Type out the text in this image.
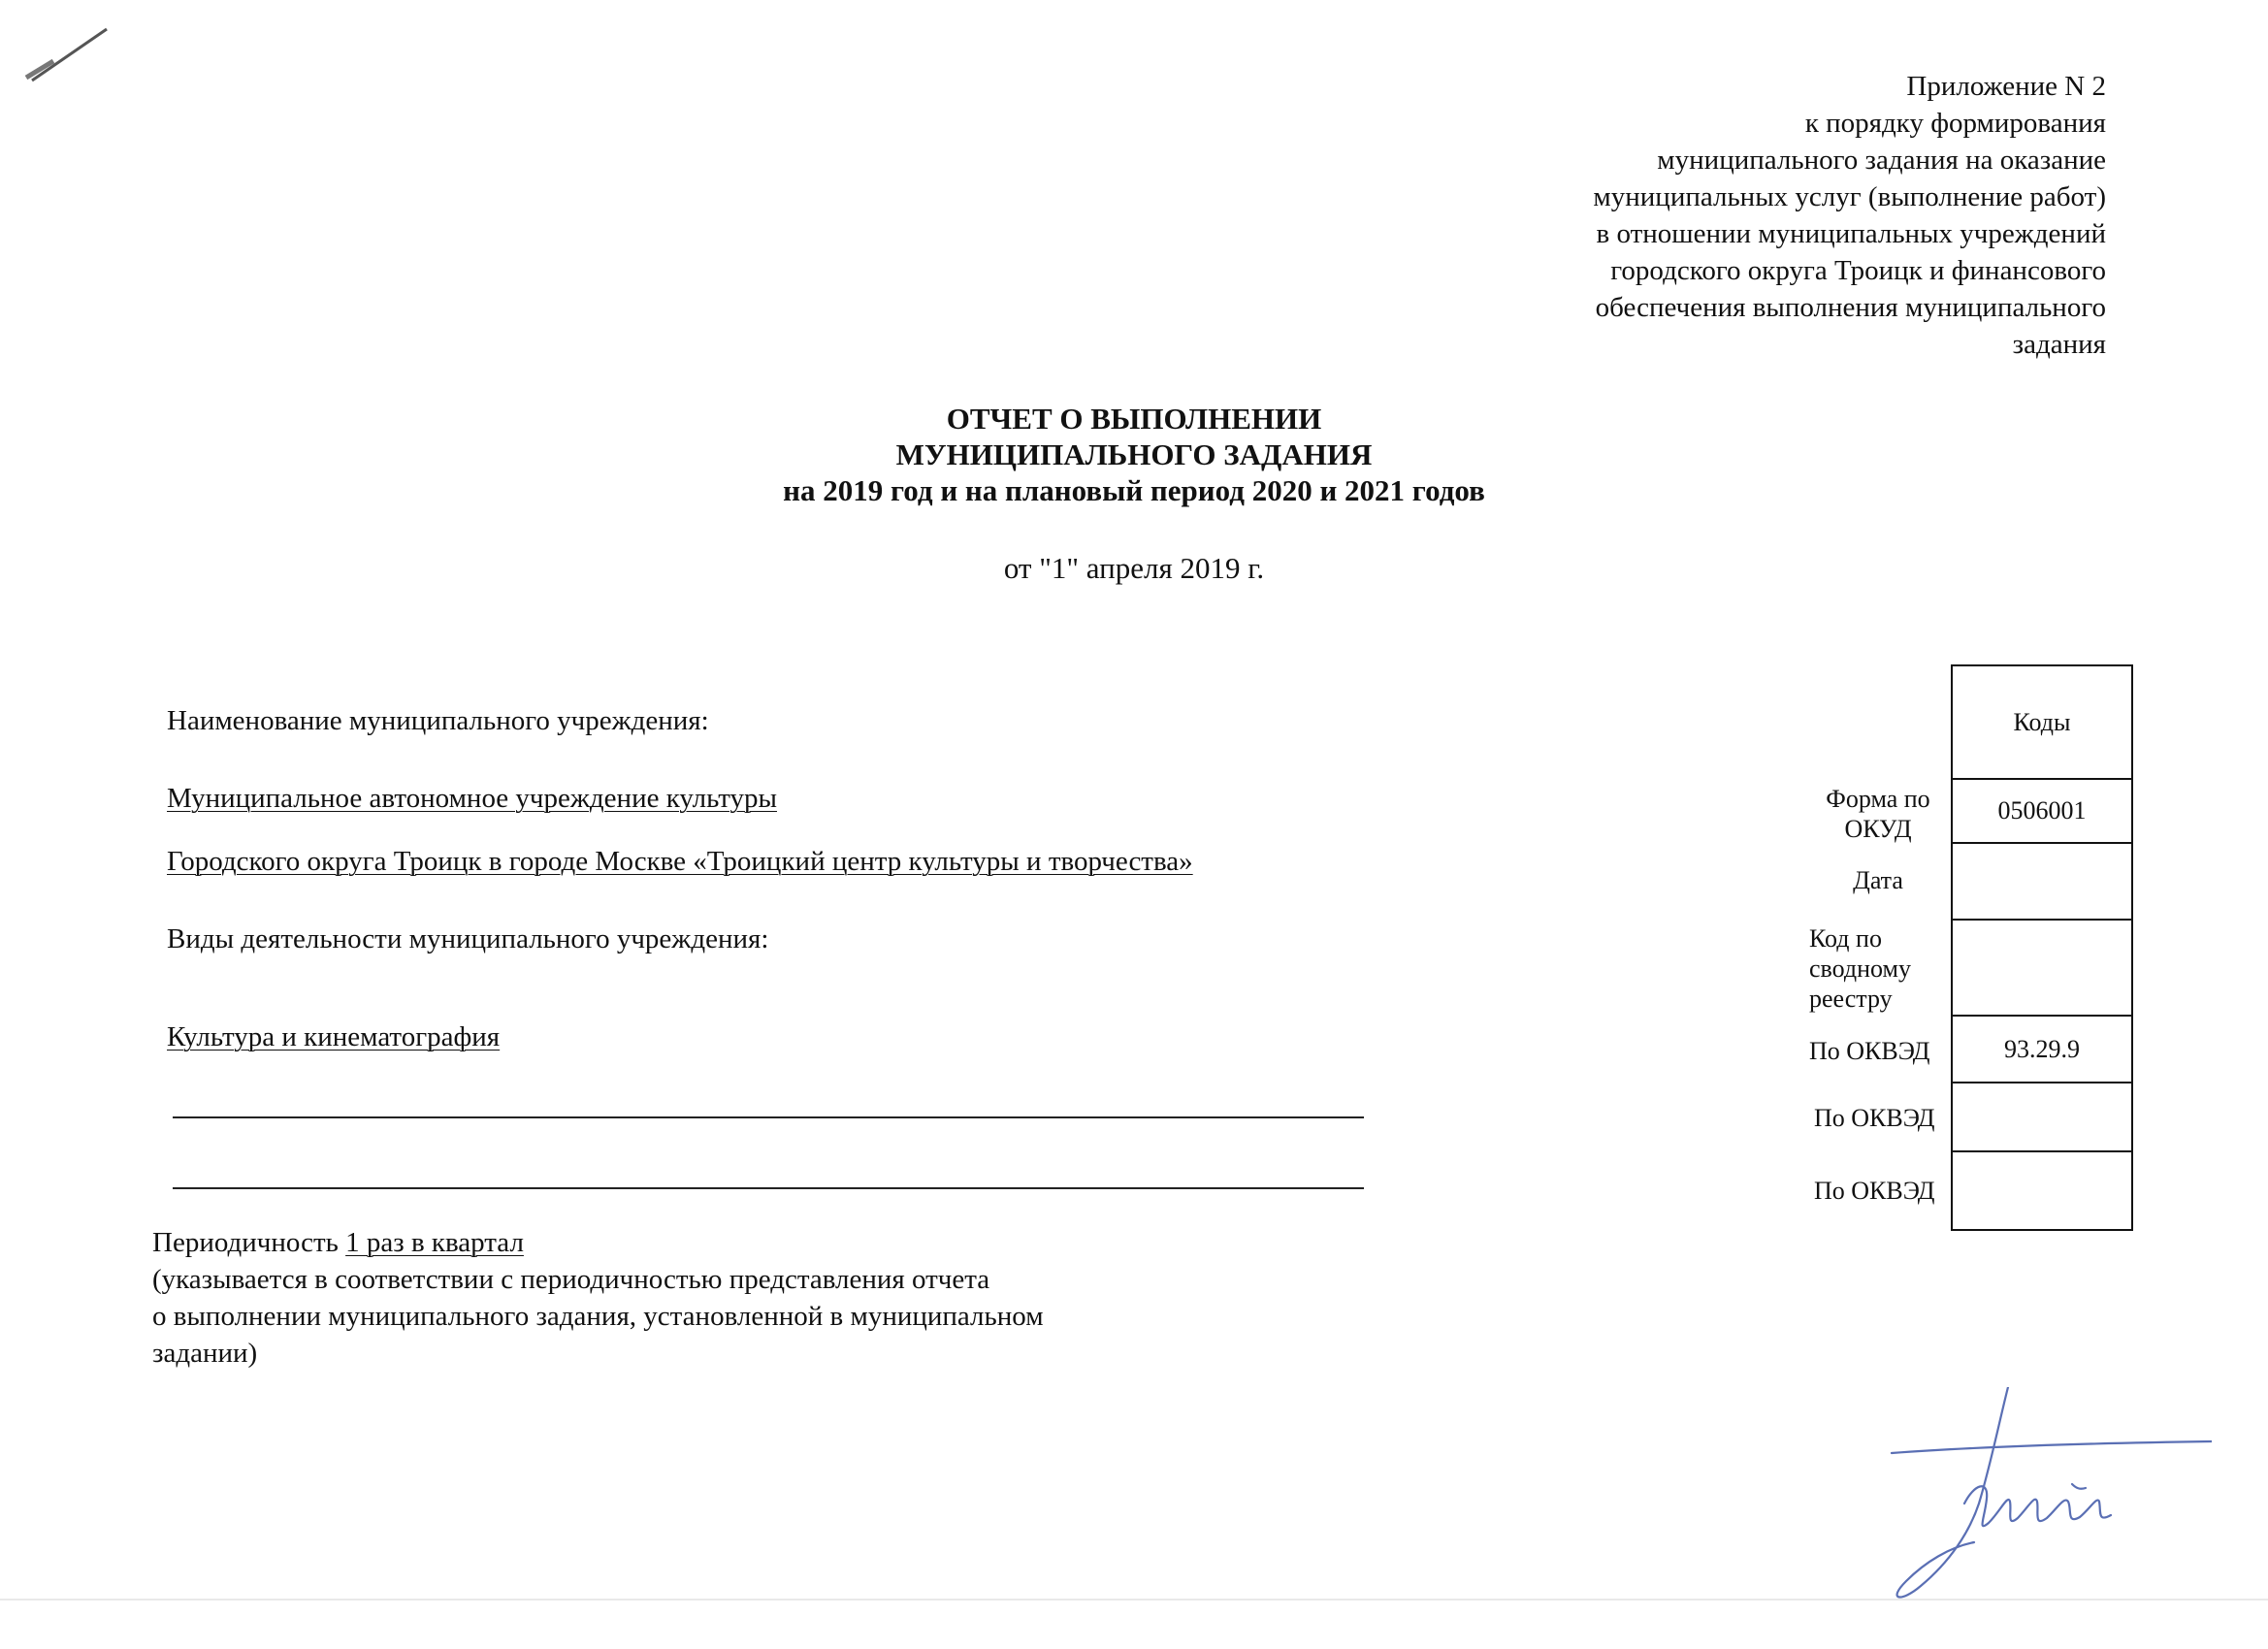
Приложение N 2
к порядку формирования
муниципального задания на оказание
муниципальных услуг (выполнение работ)
в отношении муниципальных учреждений
городского округа Троицк и финансового
обеспечения выполнения муниципального
задания
ОТЧЕТ О ВЫПОЛНЕНИИ
МУНИЦИПАЛЬНОГО ЗАДАНИЯ
на 2019 год и на плановый период 2020 и 2021 годов
от "1" апреля 2019 г.
Наименование муниципального учреждения:
Муниципальное автономное учреждение культуры
Городского округа Троицк в городе Москве «Троицкий центр культуры и творчества»
Виды деятельности муниципального учреждения:
Культура и кинематография
Форма по ОКУД
Дата
Код по сводному реестру
По ОКВЭД
По ОКВЭД
По ОКВЭД
Коды
0506001
93.29.9
Периодичность 1 раз в квартал
(указывается в соответствии с периодичностью представления отчета
о выполнении муниципального задания, установленной в муниципальном
задании)
